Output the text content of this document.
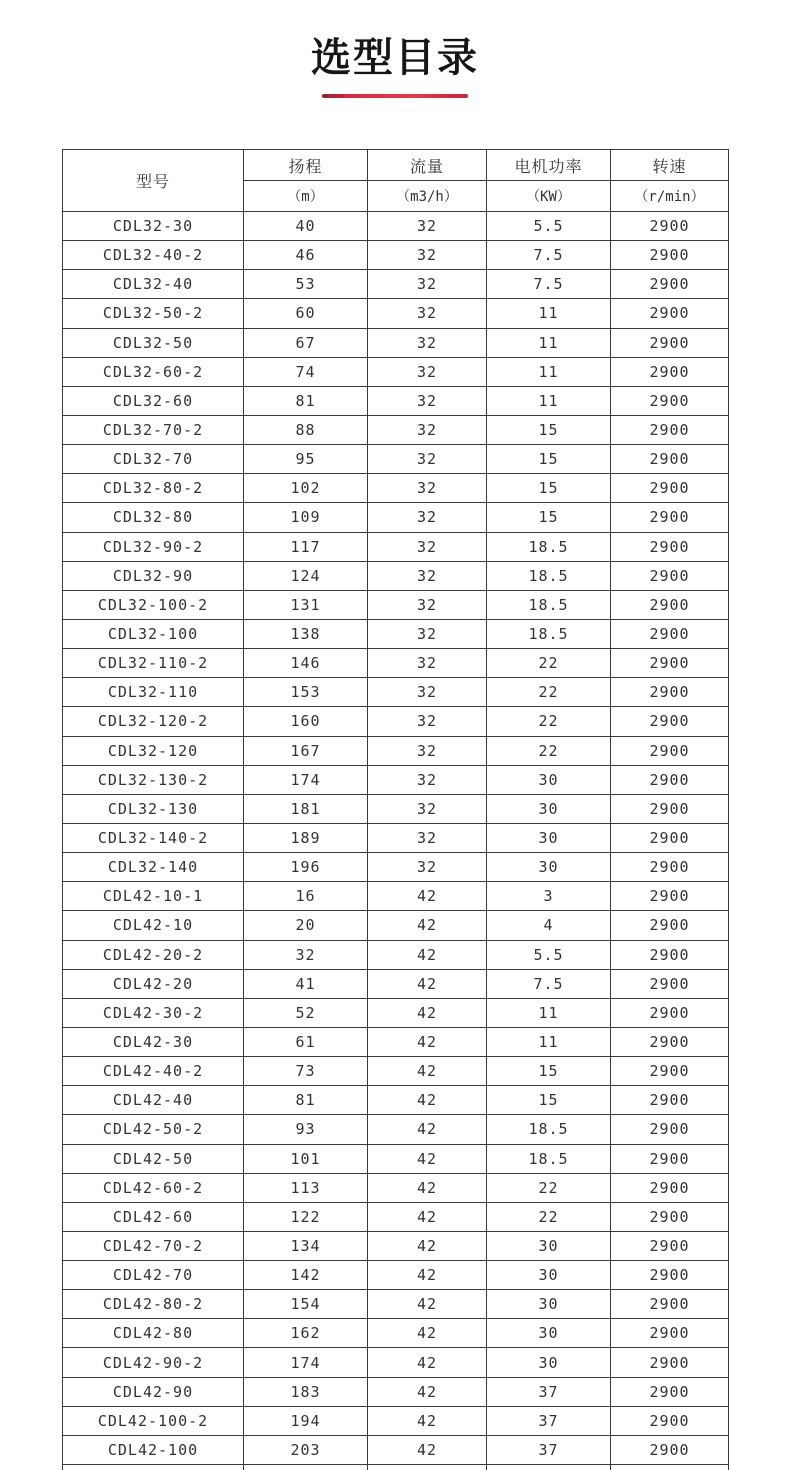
选型目录
型号	扬程	流量	电机功率	转速
	（m）	（m3/h）	（KW）	（r/min）
CDL32-30	40	32	5.5	2900
CDL32-40-2	46	32	7.5	2900
CDL32-40	53	32	7.5	2900
CDL32-50-2	60	32	11	2900
CDL32-50	67	32	11	2900
CDL32-60-2	74	32	11	2900
CDL32-60	81	32	11	2900
CDL32-70-2	88	32	15	2900
CDL32-70	95	32	15	2900
CDL32-80-2	102	32	15	2900
CDL32-80	109	32	15	2900
CDL32-90-2	117	32	18.5	2900
CDL32-90	124	32	18.5	2900
CDL32-100-2	131	32	18.5	2900
CDL32-100	138	32	18.5	2900
CDL32-110-2	146	32	22	2900
CDL32-110	153	32	22	2900
CDL32-120-2	160	32	22	2900
CDL32-120	167	32	22	2900
CDL32-130-2	174	32	30	2900
CDL32-130	181	32	30	2900
CDL32-140-2	189	32	30	2900
CDL32-140	196	32	30	2900
CDL42-10-1	16	42	3	2900
CDL42-10	20	42	4	2900
CDL42-20-2	32	42	5.5	2900
CDL42-20	41	42	7.5	2900
CDL42-30-2	52	42	11	2900
CDL42-30	61	42	11	2900
CDL42-40-2	73	42	15	2900
CDL42-40	81	42	15	2900
CDL42-50-2	93	42	18.5	2900
CDL42-50	101	42	18.5	2900
CDL42-60-2	113	42	22	2900
CDL42-60	122	42	22	2900
CDL42-70-2	134	42	30	2900
CDL42-70	142	42	30	2900
CDL42-80-2	154	42	30	2900
CDL42-80	162	42	30	2900
CDL42-90-2	174	42	30	2900
CDL42-90	183	42	37	2900
CDL42-100-2	194	42	37	2900
CDL42-100	203	42	37	2900
